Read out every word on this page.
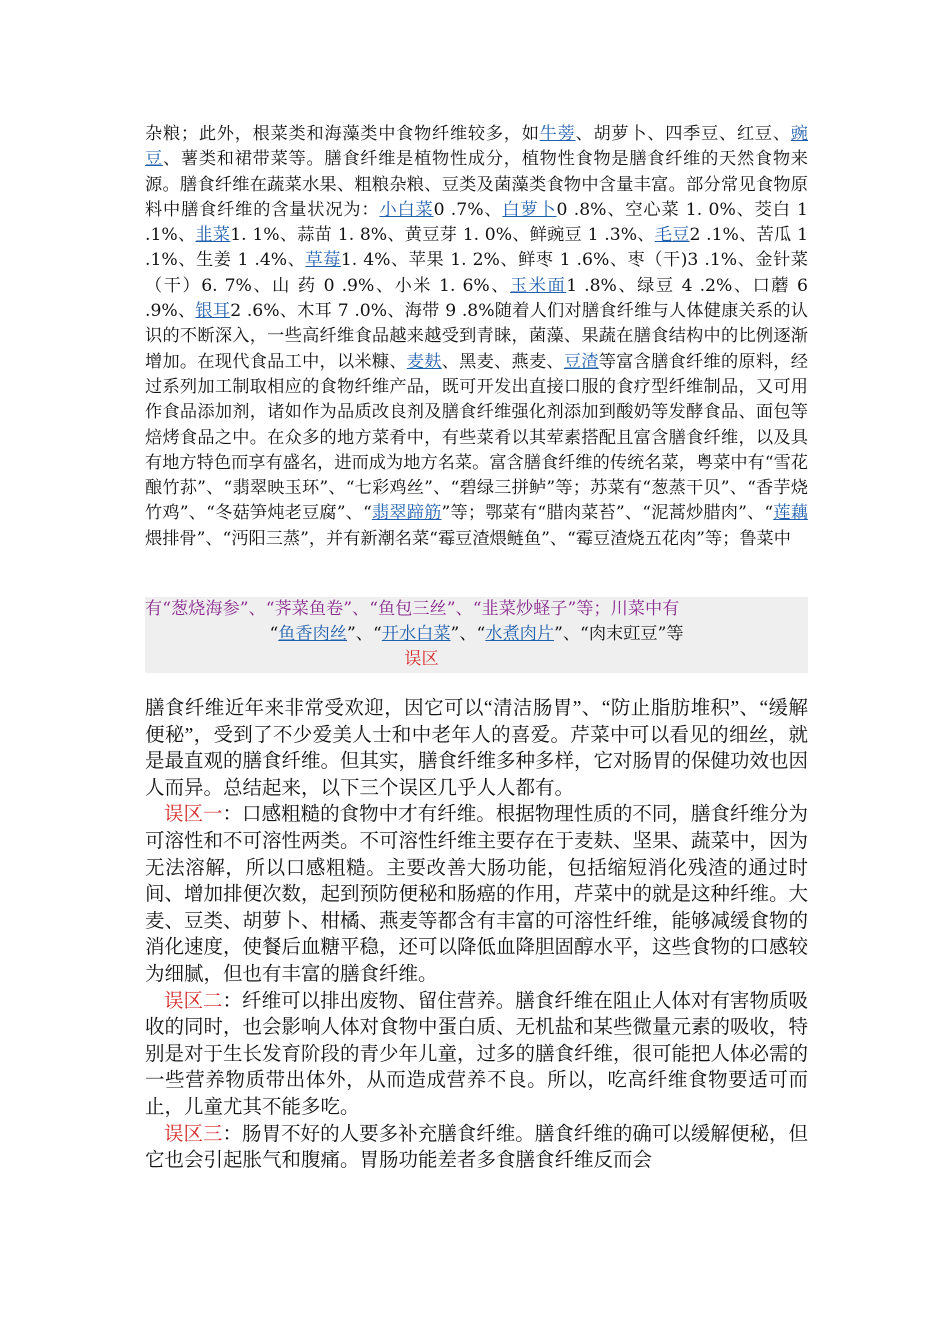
杂粮；此外，根菜类和海藻类中食物纤维较多，如牛蒡、胡萝卜、四季豆、红豆、豌豆、薯类和裙带菜等。膳食纤维是植物性成分，植物性食物是膳食纤维的天然食物来源。膳食纤维在蔬菜水果、粗粮杂粮、豆类及菌藻类食物中含量丰富。部分常见食物原料中膳食纤维的含量状况为：小白菜0 .7%、白萝卜0 .8%、空心菜 1. 0%、茭白 1 .1%、韭菜1. 1%、蒜苗 1. 8%、黄豆芽 1. 0%、鲜豌豆 1 .3%、毛豆2 .1%、苦瓜 1 .1%、生姜 1 .4%、草莓1. 4%、苹果 1. 2%、鲜枣 1 .6%、枣（干)3 .1%、金针菜（干）6. 7%、山 药 0 .9%、小米 1. 6%、玉米面1 .8%、绿豆 4 .2%、口蘑 6 .9%、银耳2 .6%、木耳 7 .0%、海带 9 .8%随着人们对膳食纤维与人体健康关系的认识的不断深入，一些高纤维食品越来越受到青睐，菌藻、果蔬在膳食结构中的比例逐渐增加。在现代食品工中，以米糠、麦麸、黑麦、燕麦、豆渣等富含膳食纤维的原料，经过系列加工制取相应的食物纤维产品，既可开发出直接口服的食疗型纤维制品，又可用作食品添加剂，诸如作为品质改良剂及膳食纤维强化剂添加到酸奶等发酵食品、面包等焙烤食品之中。在众多的地方菜肴中，有些菜肴以其荤素搭配且富含膳食纤维，以及具有地方特色而享有盛名，进而成为地方名菜。富含膳食纤维的传统名菜，粤菜中有“雪花酿竹荪”、“翡翠映玉环”、“七彩鸡丝”、“碧绿三拼鲈”等；苏菜有“葱蒸干贝”、“香芋烧竹鸡”、“冬菇笋炖老豆腐”、“翡翠蹄筋”等；鄂菜有“腊肉菜苔”、“泥蒿炒腊肉”、“莲藕煨排骨”、“沔阳三蒸”，并有新潮名菜“霉豆渣煨鲢鱼”、“霉豆渣烧五花肉”等；鲁菜中
有“葱烧海参”、“荠菜鱼卷”、“鱼包三丝”、“韭菜炒蛏子”等；川菜中有
“鱼香肉丝”、“开水白菜”、“水煮肉片”、“肉末豇豆”等
误区

膳食纤维近年来非常受欢迎，因它可以“清洁肠胃”、“防止脂肪堆积”、“缓解便秘”，受到了不少爱美人士和中老年人的喜爱。芹菜中可以看见的细丝，就是最直观的膳食纤维。但其实，膳食纤维多种多样，它对肠胃的保健功效也因人而异。总结起来，以下三个误区几乎人人都有。

误区一：口感粗糙的食物中才有纤维。根据物理性质的不同，膳食纤维分为可溶性和不可溶性两类。不可溶性纤维主要存在于麦麸、坚果、蔬菜中，因为无法溶解，所以口感粗糙。主要改善大肠功能，包括缩短消化残渣的通过时间、增加排便次数，起到预防便秘和肠癌的作用，芹菜中的就是这种纤维。大麦、豆类、胡萝卜、柑橘、燕麦等都含有丰富的可溶性纤维，能够减缓食物的消化速度，使餐后血糖平稳，还可以降低血降胆固醇水平，这些食物的口感较为细腻，但也有丰富的膳食纤维。

误区二：纤维可以排出废物、留住营养。膳食纤维在阻止人体对有害物质吸收的同时，也会影响人体对食物中蛋白质、无机盐和某些微量元素的吸收，特别是对于生长发育阶段的青少年儿童，过多的膳食纤维，很可能把人体必需的一些营养物质带出体外，从而造成营养不良。所以，吃高纤维食物要适可而止，儿童尤其不能多吃。

误区三：肠胃不好的人要多补充膳食纤维。膳食纤维的确可以缓解便秘，但它也会引起胀气和腹痛。胃肠功能差者多食膳食纤维反而会
